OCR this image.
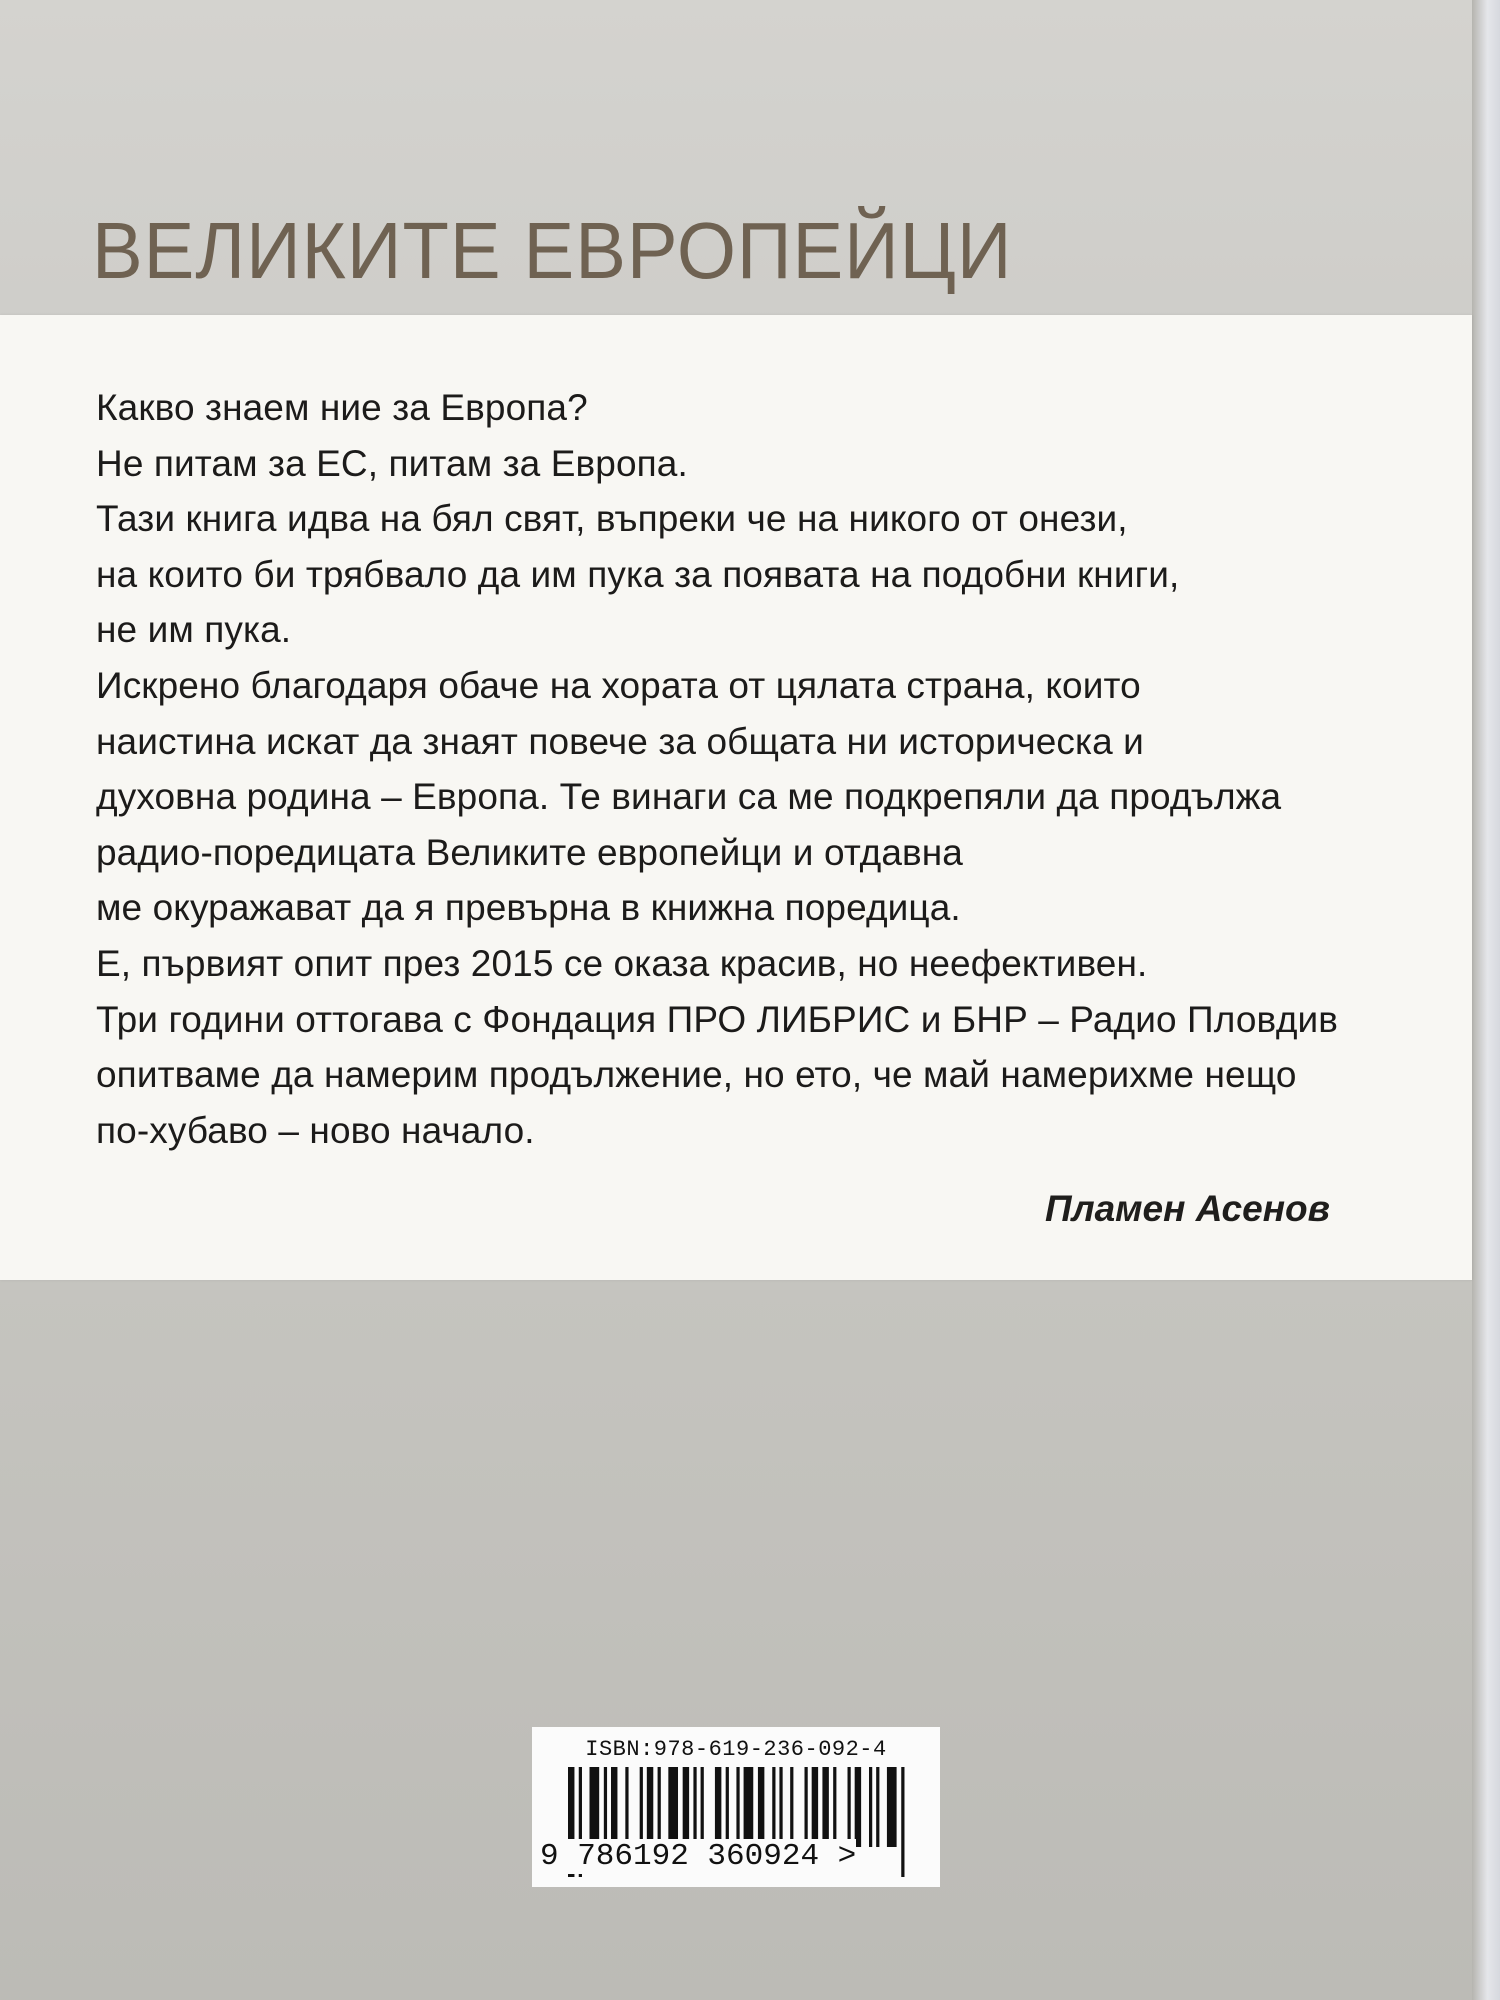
ВЕЛИКИТЕ ЕВРОПЕЙЦИ
Какво знаем ние за Европа?
Не питам за ЕС, питам за Европа.
Тази книга идва на бял свят, въпреки че на никого от онези,
на които би трябвало да им пука за появата на подобни книги,
не им пука.
Искрено благодаря обаче на хората от цялата страна, които
наистина искат да знаят повече за общата ни историческа и
духовна родина – Европа. Те винаги са ме подкрепяли да продължа
радио-поредицата Великите европейци и отдавна
ме окуражават да я превърна в книжна поредица.
Е, първият опит през 2015 се оказа красив, но неефективен.
Три години оттогава с Фондация ПРО ЛИБРИС и БНР – Радио Пловдив
опитваме да намерим продължение, но ето, че май намерихме нещо
по-хубаво – ново начало.
Пламен Асенов
ISBN:978-619-236-092-4
9 786192 360924 >
